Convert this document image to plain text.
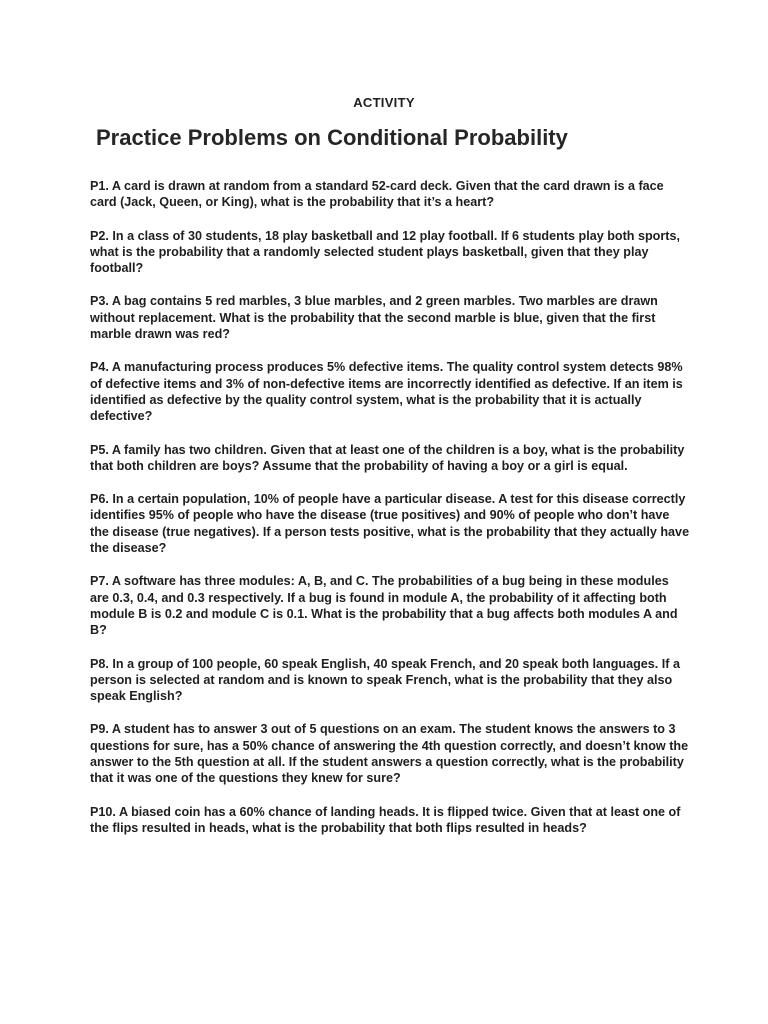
ACTIVITY
Practice Problems on Conditional Probability

P1. A card is drawn at random from a standard 52-card deck. Given that the card drawn is a face card (Jack, Queen, or King), what is the probability that it’s a heart?

P2. In a class of 30 students, 18 play basketball and 12 play football. If 6 students play both sports, what is the probability that a randomly selected student plays basketball, given that they play football?

P3. A bag contains 5 red marbles, 3 blue marbles, and 2 green marbles. Two marbles are drawn without replacement. What is the probability that the second marble is blue, given that the first marble drawn was red?

P4. A manufacturing process produces 5% defective items. The quality control system detects 98% of defective items and 3% of non-defective items are incorrectly identified as defective. If an item is identified as defective by the quality control system, what is the probability that it is actually defective?

P5. A family has two children. Given that at least one of the children is a boy, what is the probability that both children are boys? Assume that the probability of having a boy or a girl is equal.

P6. In a certain population, 10% of people have a particular disease. A test for this disease correctly identifies 95% of people who have the disease (true positives) and 90% of people who don’t have the disease (true negatives). If a person tests positive, what is the probability that they actually have the disease?

P7. A software has three modules: A, B, and C. The probabilities of a bug being in these modules are 0.3, 0.4, and 0.3 respectively. If a bug is found in module A, the probability of it affecting both module B is 0.2 and module C is 0.1. What is the probability that a bug affects both modules A and B?

P8. In a group of 100 people, 60 speak English, 40 speak French, and 20 speak both languages. If a person is selected at random and is known to speak French, what is the probability that they also speak English?

P9. A student has to answer 3 out of 5 questions on an exam. The student knows the answers to 3 questions for sure, has a 50% chance of answering the 4th question correctly, and doesn’t know the answer to the 5th question at all. If the student answers a question correctly, what is the probability that it was one of the questions they knew for sure?

P10. A biased coin has a 60% chance of landing heads. It is flipped twice. Given that at least one of the flips resulted in heads, what is the probability that both flips resulted in heads?
